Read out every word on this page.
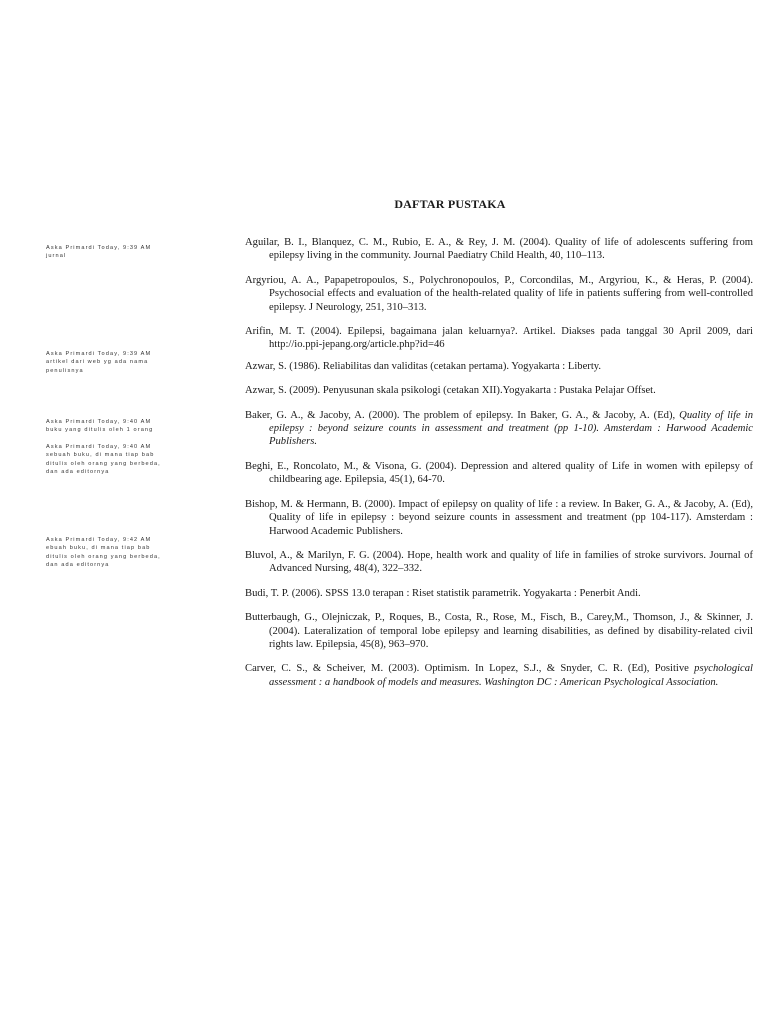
DAFTAR PUSTAKA
Aska Primardi Today, 9:39 AM
jurnal
Aska Primardi Today, 9:39 AM
artikel dari web yg ada nama
penulisnya
Aska Primardi Today, 9:40 AM
buku yang ditulis oleh 1 orang
Aska Primardi Today, 9:40 AM
sebuah buku, di mana tiap bab
ditulis oleh orang yang berbeda,
dan ada editornya
Aska Primardi Today, 9:42 AM
ebuah buku, di mana tiap bab
ditulis oleh orang yang berbeda,
dan ada editornya

Aguilar, B. I., Blanquez, C. M., Rubio, E. A., & Rey, J. M. (2004). Quality of life of adolescents suffering from epilepsy living in the community. Journal Paediatry Child Health, 40, 110–113.

Argyriou, A. A., Papapetropoulos, S., Polychronopoulos, P., Corcondilas, M., Argyriou, K., & Heras, P. (2004). Psychosocial effects and evaluation of the health-related quality of life in patients suffering from well-controlled epilepsy. J Neurology, 251, 310–313.

Arifin, M. T. (2004). Epilepsi, bagaimana jalan keluarnya?. Artikel. Diakses pada tanggal 30 April 2009, dari http://io.ppi-jepang.org/article.php?id=46

Azwar, S. (1986). Reliabilitas dan validitas (cetakan pertama). Yogyakarta : Liberty.

Azwar, S. (2009). Penyusunan skala psikologi (cetakan XII).Yogyakarta : Pustaka Pelajar Offset.

Baker, G. A., & Jacoby, A. (2000). The problem of epilepsy. In Baker, G. A., & Jacoby, A. (Ed), Quality of life in epilepsy : beyond seizure counts in assessment and treatment (pp 1-10). Amsterdam : Harwood Academic Publishers.

Beghi, E., Roncolato, M., & Visona, G. (2004). Depression and altered quality of Life in women with epilepsy of childbearing age. Epilepsia, 45(1), 64-70.

Bishop, M. & Hermann, B. (2000). Impact of epilepsy on quality of life : a review. In Baker, G. A., & Jacoby, A. (Ed), Quality of life in epilepsy : beyond seizure counts in assessment and treatment (pp 104-117). Amsterdam : Harwood Academic Publishers.

Bluvol, A., & Marilyn, F. G. (2004). Hope, health work and quality of life in families of stroke survivors. Journal of Advanced Nursing, 48(4), 322–332.

Budi, T. P. (2006). SPSS 13.0 terapan : Riset statistik parametrik. Yogyakarta : Penerbit Andi.

Butterbaugh, G., Olejniczak, P., Roques, B., Costa, R., Rose, M., Fisch, B., Carey,M., Thomson, J., & Skinner, J. (2004). Lateralization of temporal lobe epilepsy and learning disabilities, as defined by disability-related civil rights law. Epilepsia, 45(8), 963–970.

Carver, C. S., & Scheiver, M. (2003). Optimism. In Lopez, S.J., & Snyder, C. R. (Ed), Positive psychological assessment : a handbook of models and measures. Washington DC : American Psychological Association.
